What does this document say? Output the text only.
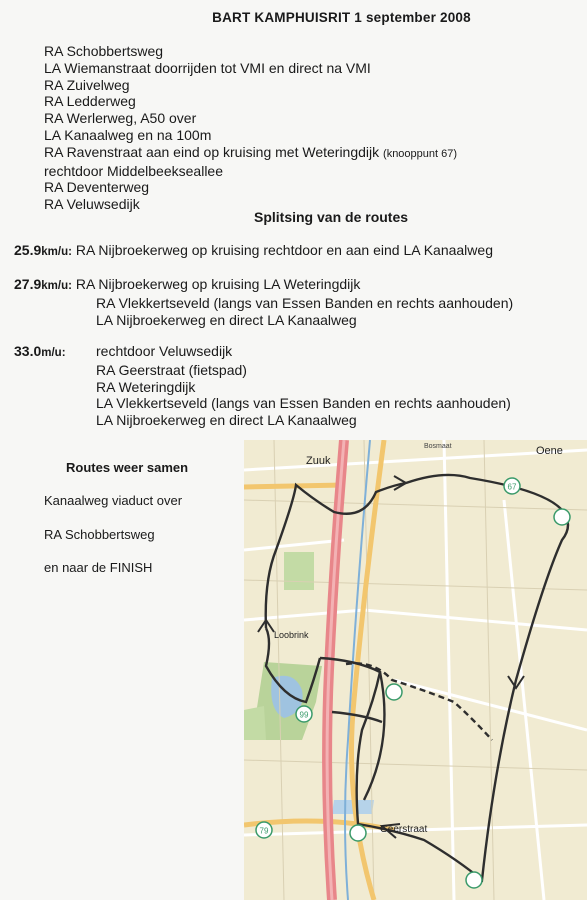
BART KAMPHUISRIT 1 september 2008
RA Schobbertsweg
LA Wiemanstraat doorrijden tot VMI en direct na VMI
RA Zuivelweg
RA Ledderweg
RA Werlerweg, A50 over
LA Kanaalweg en na 100m
RA Ravenstraat aan eind op kruising met Weteringdijk (knooppunt 67)
rechtdoor Middelbeekseallee
RA Deventerweg
RA Veluwsedijk
Splitsing van de routes
25.9km/u: RA Nijbroekerweg op kruising rechtdoor en aan eind LA Kanaalweg
27.9km/u: RA Nijbroekerweg op kruising LA Weteringdijk
RA Vlekkertseveld (langs van Essen Banden en rechts aanhouden)
LA Nijbroekerweg en direct LA Kanaalweg
33.0m/u: rechtdoor Veluwsedijk
RA Geerstraat (fietspad)
RA Weteringdijk
LA Vlekkertseveld (langs van Essen Banden en rechts aanhouden)
LA Nijbroekerweg en direct LA Kanaalweg
Routes weer samen
Kanaalweg viaduct over
RA Schobbertsweg
en naar de FINISH
67
99
79
Zuuk
Oene
Loobrink
Geerstraat
Bosmaat
